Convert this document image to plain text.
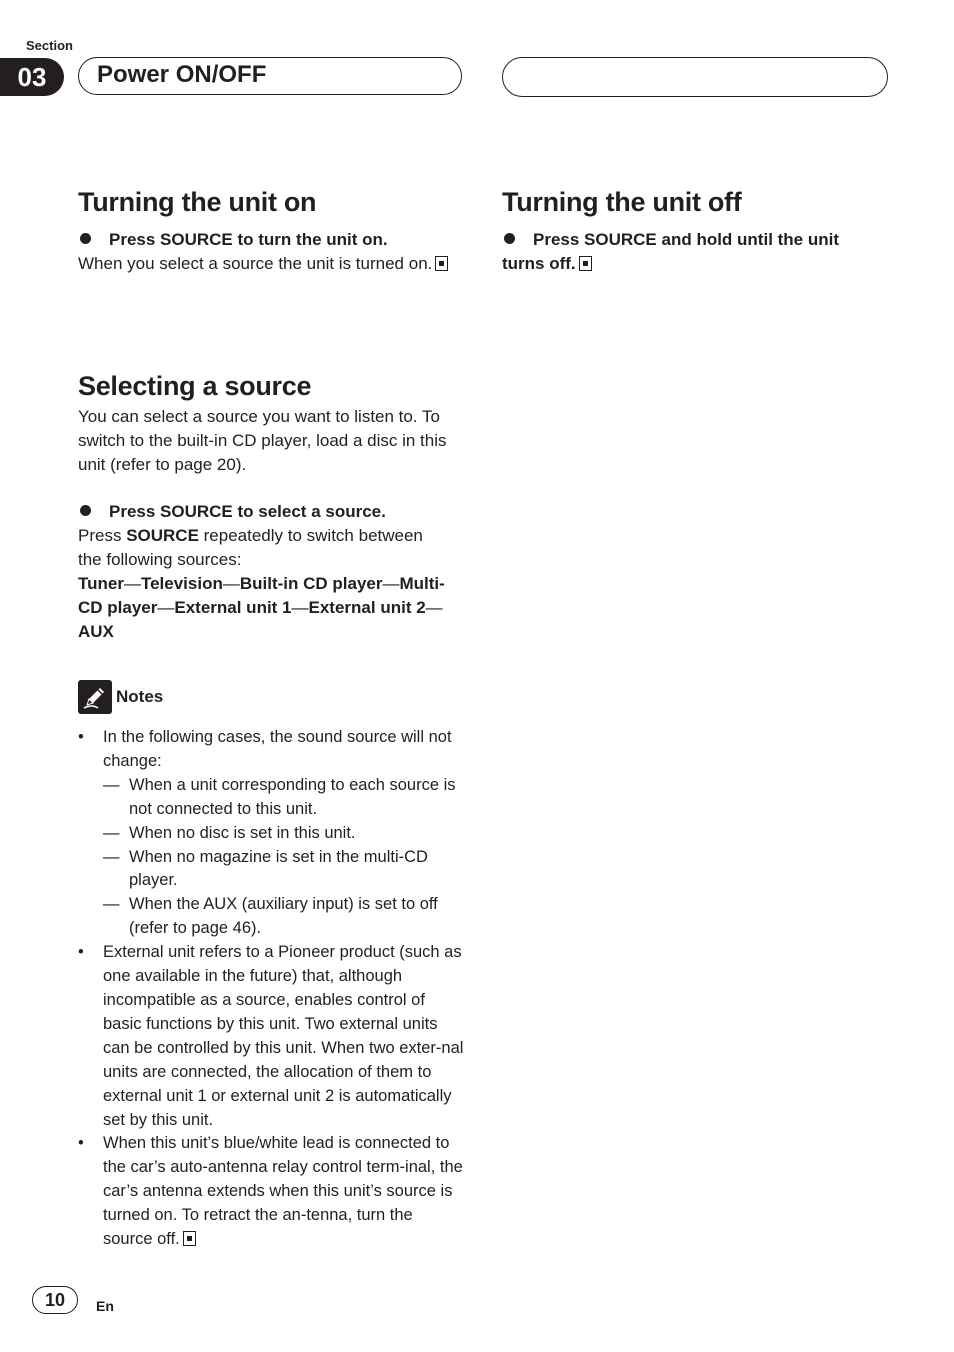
Section
03	Power ON/OFF
Turning the unit on
Press SOURCE to turn the unit on.
When you select a source the unit is turned on.
Turning the unit off
Press SOURCE and hold until the unit turns off.
Selecting a source
You can select a source you want to listen to. To switch to the built-in CD player, load a disc in this unit (refer to page 20).
Press SOURCE to select a source.
Press SOURCE repeatedly to switch between the following sources:
Tuner—Television—Built-in CD player—Multi-CD player—External unit 1—External unit 2—AUX
Notes
• In the following cases, the sound source will not change:
— When a unit corresponding to each source is not connected to this unit.
— When no disc is set in this unit.
— When no magazine is set in the multi-CD player.
— When the AUX (auxiliary input) is set to off (refer to page 46).
• External unit refers to a Pioneer product (such as one available in the future) that, although incompatible as a source, enables control of basic functions by this unit. Two external units can be controlled by this unit. When two exter-nal units are connected, the allocation of them to external unit 1 or external unit 2 is automatically set by this unit.
• When this unit’s blue/white lead is connected to the car’s auto-antenna relay control term-inal, the car’s antenna extends when this unit’s source is turned on. To retract the an-tenna, turn the source off.
10	En
